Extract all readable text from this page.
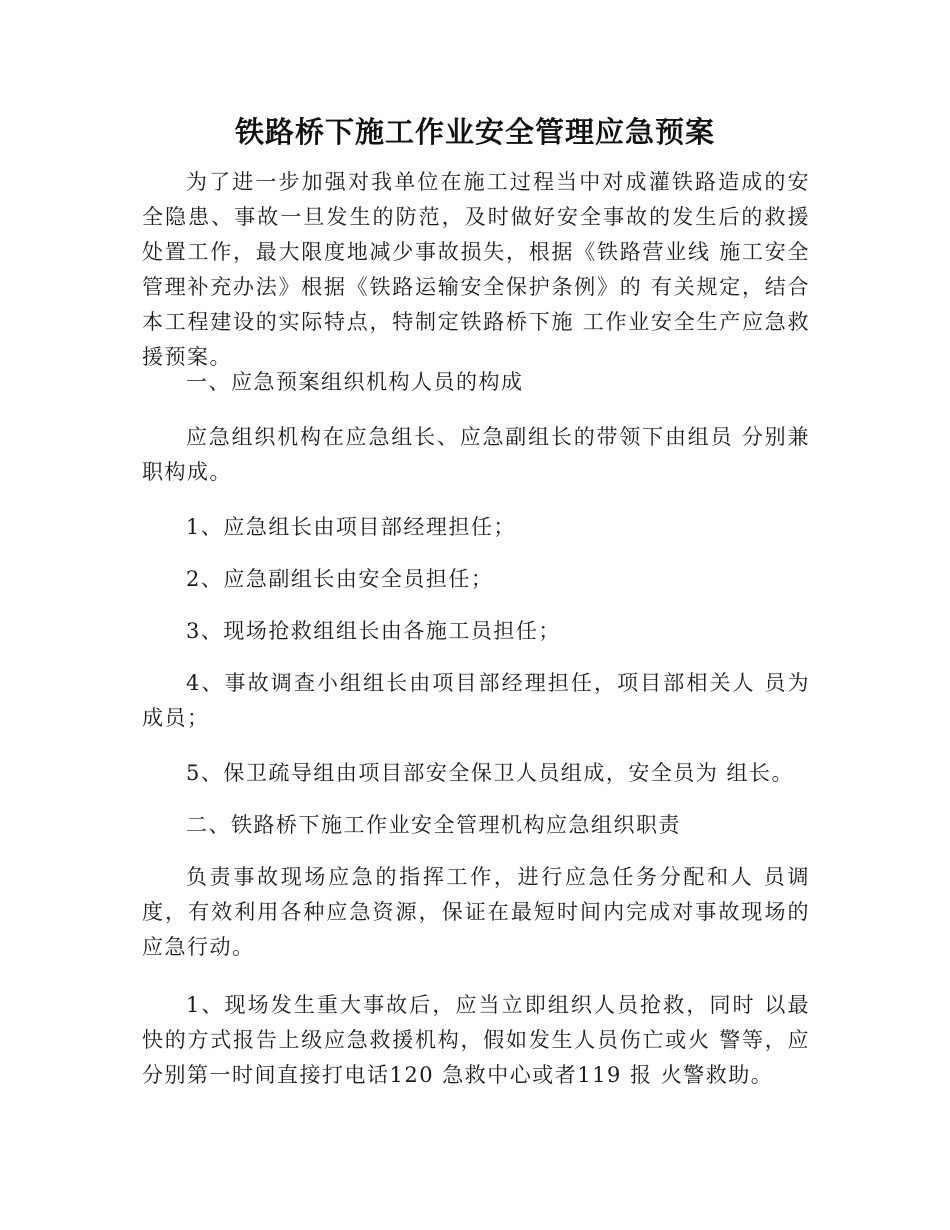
铁路桥下施工作业安全管理应急预案

为了进一步加强对我单位在施工过程当中对成灌铁路造成的安全隐患、事故一旦发生的防范，及时做好安全事故的发生后的救援处置工作，最大限度地减少事故损失，根据《铁路营业线 施工安全管理补充办法》根据《铁路运输安全保护条例》的 有关规定，结合本工程建设的实际特点，特制定铁路桥下施 工作业安全生产应急救援预案。

一、应急预案组织机构人员的构成

应急组织机构在应急组长、应急副组长的带领下由组员 分别兼职构成。

1、应急组长由项目部经理担任；

2、应急副组长由安全员担任；

3、现场抢救组组长由各施工员担任；

4、事故调查小组组长由项目部经理担任，项目部相关人 员为成员；

5、保卫疏导组由项目部安全保卫人员组成，安全员为 组长。

二、铁路桥下施工作业安全管理机构应急组织职责

负责事故现场应急的指挥工作，进行应急任务分配和人 员调度，有效利用各种应急资源，保证在最短时间内完成对事故现场的应急行动。

1、现场发生重大事故后，应当立即组织人员抢救，同时 以最快的方式报告上级应急救援机构，假如发生人员伤亡或火 警等，应分别第一时间直接打电话120 急救中心或者119 报 火警救助。
